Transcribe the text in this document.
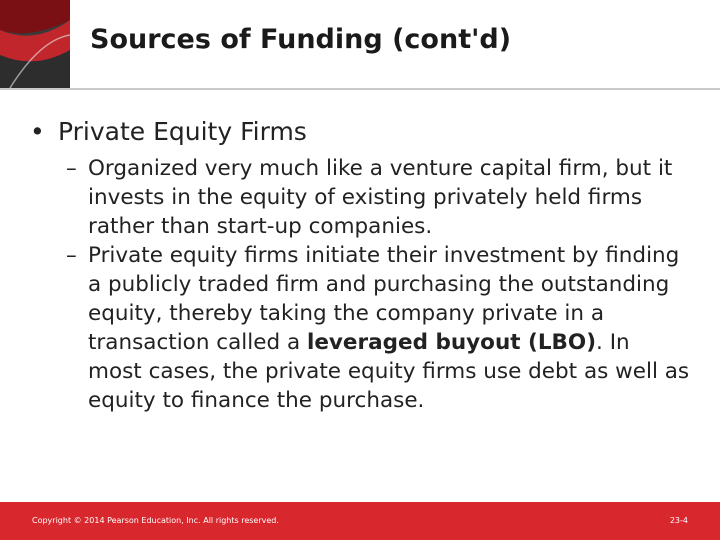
Sources of Funding (cont'd)
• Private Equity Firms
– Organized very much like a venture capital firm, but it invests in the equity of existing privately held firms rather than start-up companies.
– Private equity firms initiate their investment by finding a publicly traded firm and purchasing the outstanding equity, thereby taking the company private in a transaction called a leveraged buyout (LBO). In most cases, the private equity firms use debt as well as equity to finance the purchase.
Copyright © 2014 Pearson Education, Inc. All rights reserved.	23-4
